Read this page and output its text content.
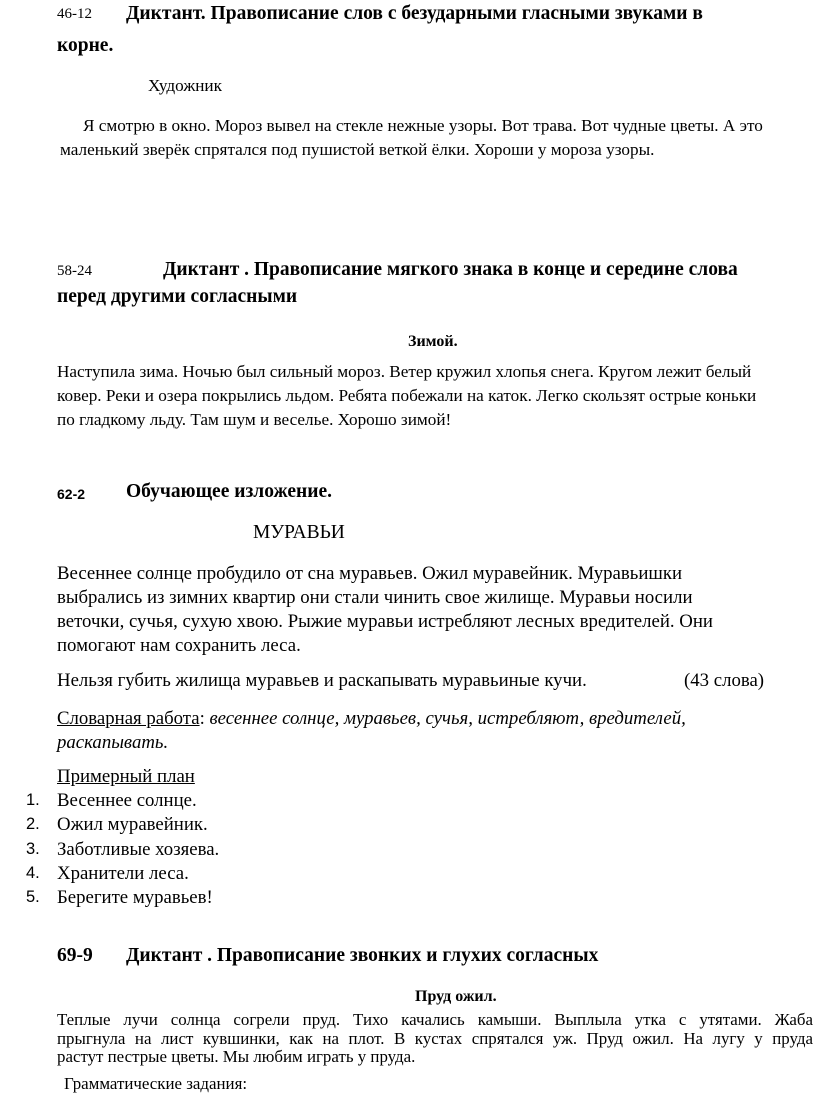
46-12 Диктант. Правописание слов с безударными гласными звуками в
корне.
Художник
Я смотрю в окно. Мороз вывел на стекле нежные узоры. Вот трава. Вот чудные цветы. А это
маленький зверёк спрятался под пушистой веткой ёлки. Хороши у мороза узоры.
58-24	Диктант . Правописание мягкого знака в конце и середине слова
перед другими согласными
Зимой.
Наступила зима. Ночью был сильный мороз. Ветер кружил хлопья снега. Кругом лежит белый
ковер. Реки и озера покрылись льдом. Ребята побежали на каток. Легко скользят острые коньки
по гладкому льду. Там шум и веселье. Хорошо зимой!
62-2 Обучающее изложение.
МУРАВЬИ
Весеннее солнце пробудило от сна муравьев. Ожил муравейник. Муравьишки
выбрались из зимних квартир они стали чинить свое жилище. Муравьи носили
веточки, сучья, сухую хвою. Рыжие муравьи истребляют лесных вредителей. Они
помогают нам сохранить леса.
Нельзя губить жилища муравьев и раскапывать муравьиные кучи.	(43 слова)
Словарная работа: весеннее солнце, муравьев, сучья, истребляют, вредителей,
раскапывать.
Примерный план
1. Весеннее солнце.
2. Ожил муравейник.
3. Заботливые хозяева.
4. Хранители леса.
5. Берегите муравьев!
69-9 Диктант . Правописание звонких и глухих согласных
Пруд ожил.
Теплые лучи солнца согрели пруд. Тихо качались камыши. Выплыла утка с утятами. Жаба
прыгнула на лист кувшинки, как на плот. В кустах спрятался уж. Пруд ожил. На лугу у пруда
растут пестрые цветы. Мы любим играть у пруда.
Грамматические задания:
